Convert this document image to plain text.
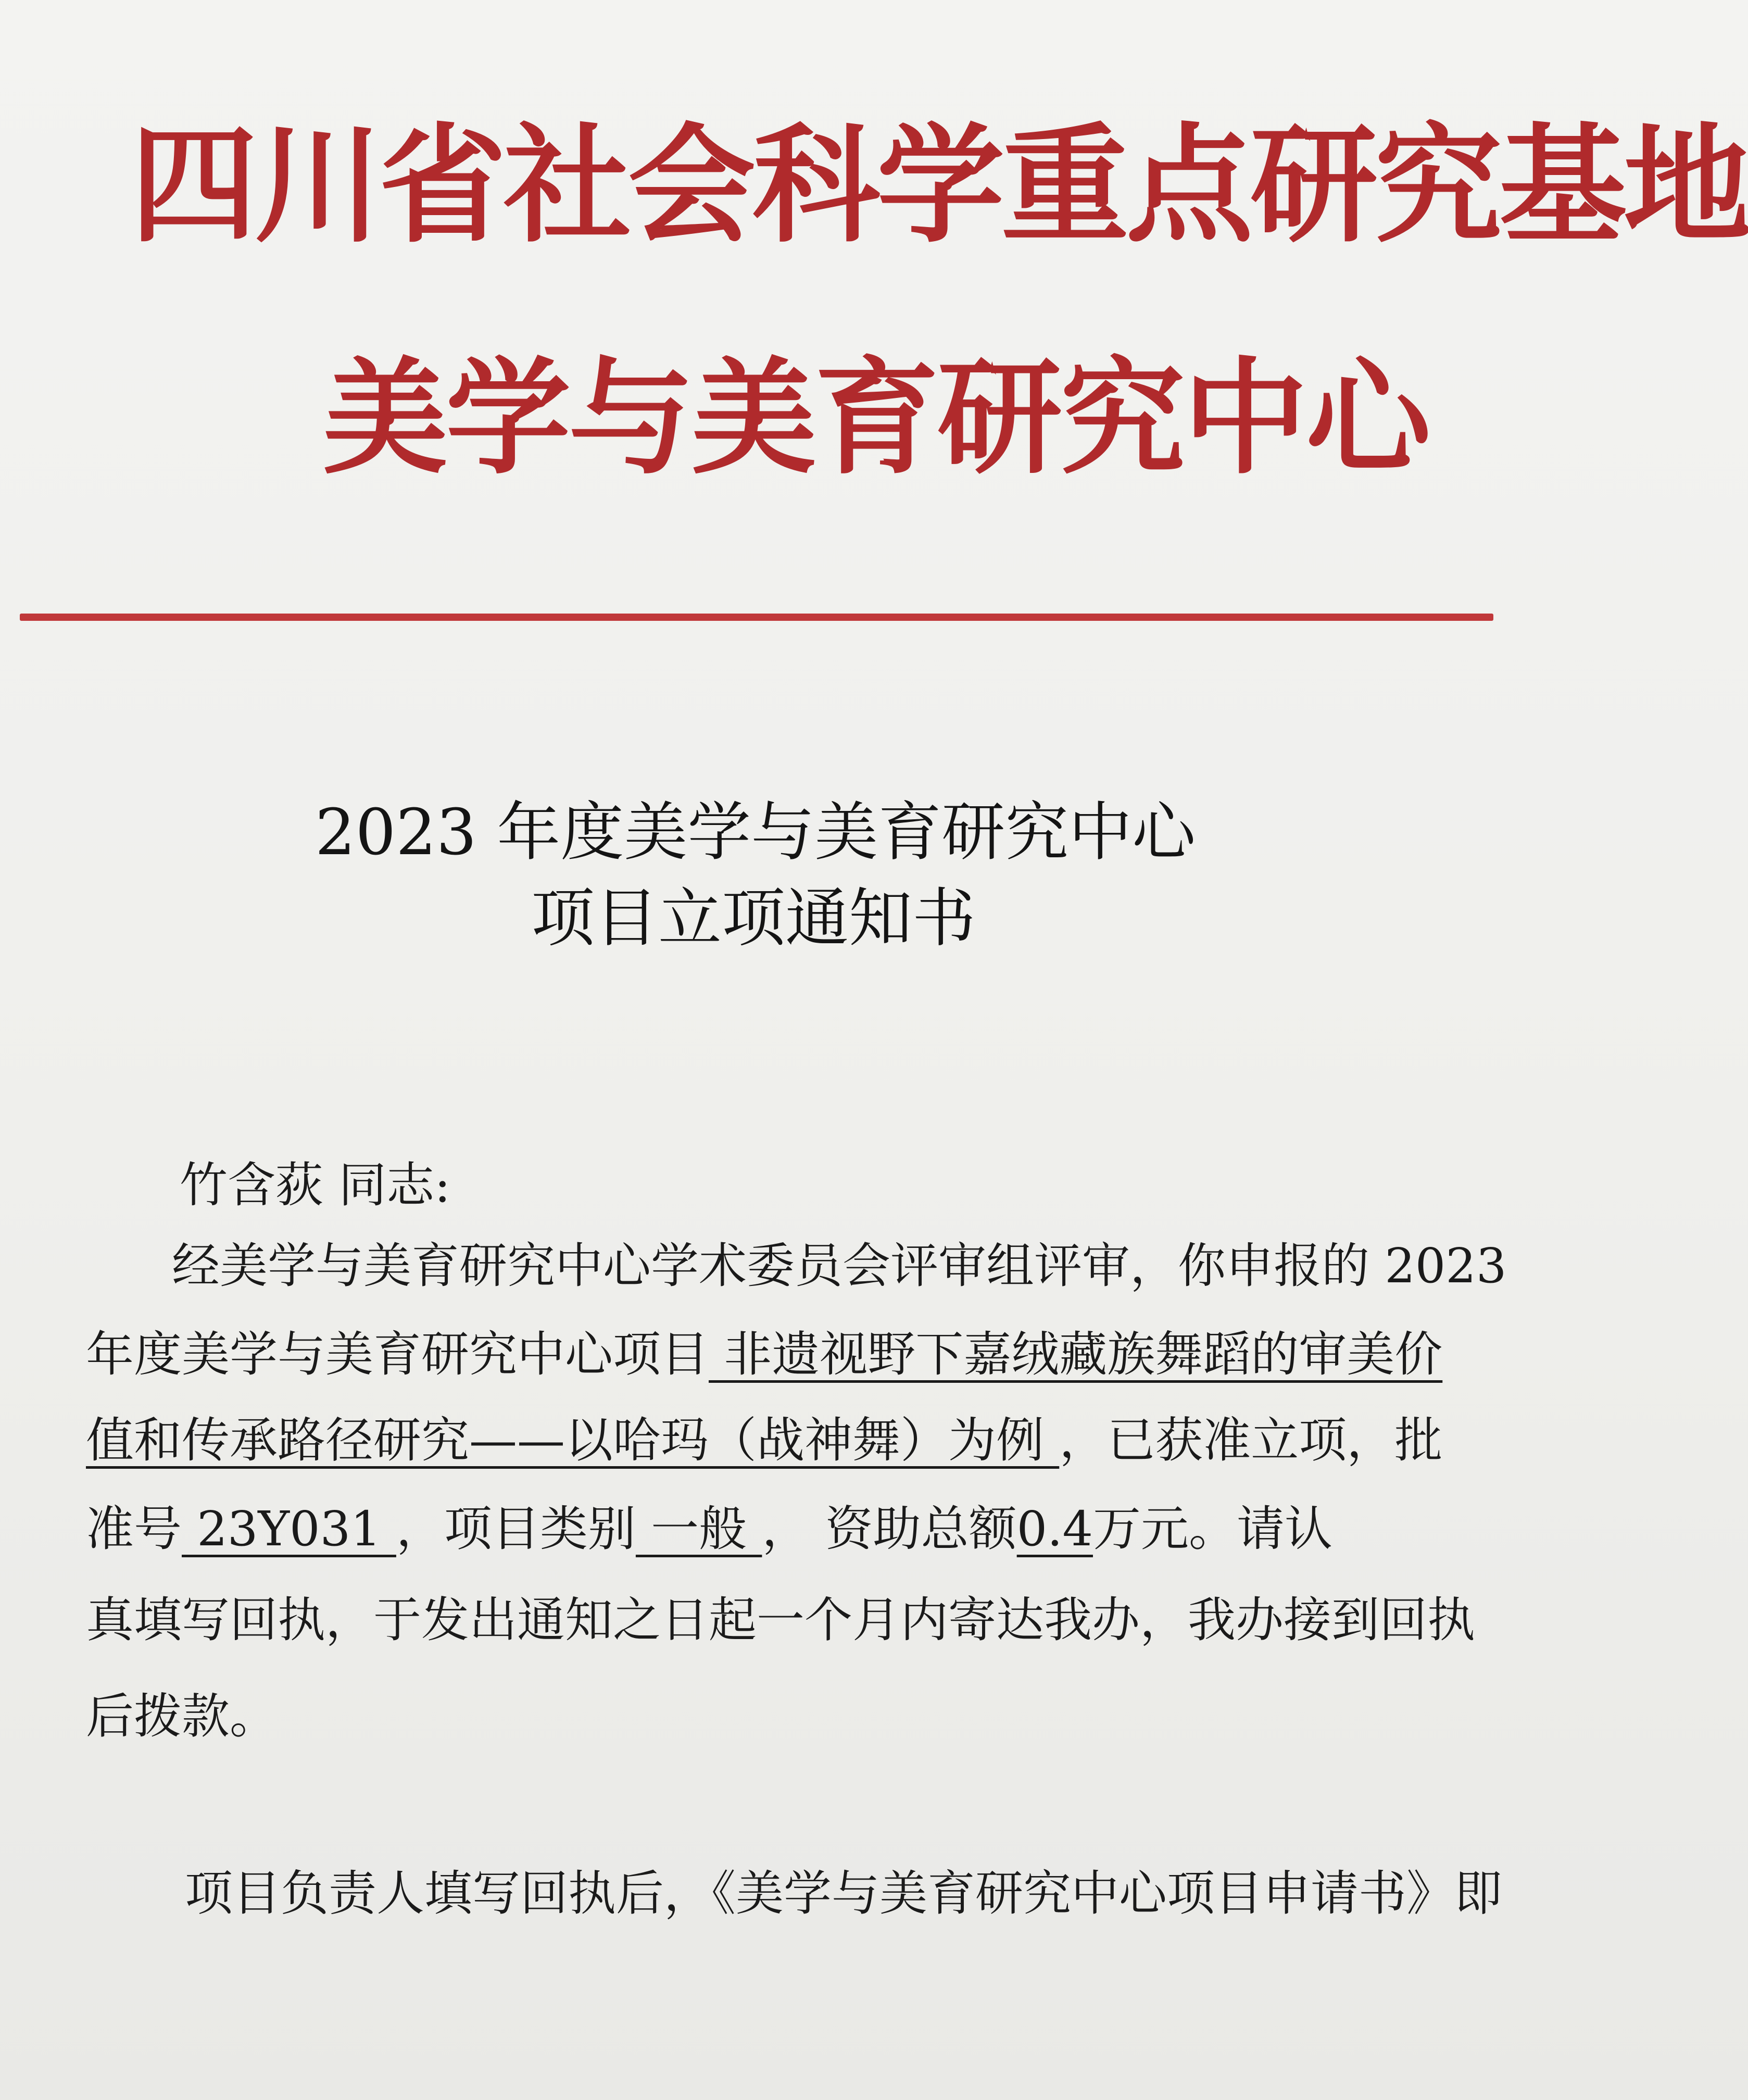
四川省社会科学重点研究基地
美学与美育研究中心
2023 年度美学与美育研究中心
项目立项通知书
竹含荻 同志:
经美学与美育研究中心学术委员会评审组评审，你申报的 2023
年度美学与美育研究中心项目 非遗视野下嘉绒藏族舞蹈的审美价
值和传承路径研究——以哈玛（战神舞）为例 ，已获准立项，批
准号 23Y031 ，项目类别 一般 ， 资助总额0.4万元。请认
真填写回执，于发出通知之日起一个月内寄达我办，我办接到回执
后拨款。
项目负责人填写回执后，《美学与美育研究中心项目申请书》即
